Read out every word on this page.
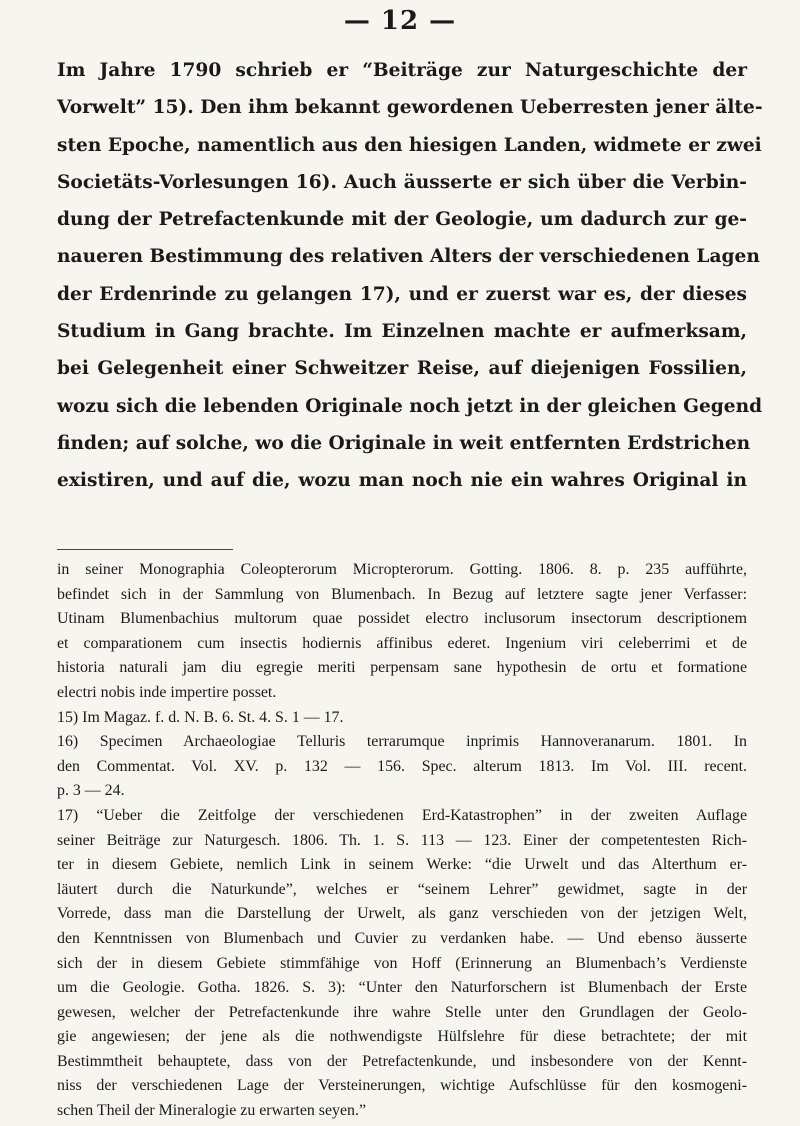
— 12 —
Im Jahre 1790 schrieb er “Beiträge zur Naturgeschichte der
Vorwelt” 15). Den ihm bekannt gewordenen Ueberresten jener älte-
sten Epoche, namentlich aus den hiesigen Landen, widmete er zwei
Societäts-Vorlesungen 16). Auch äusserte er sich über die Verbin-
dung der Petrefactenkunde mit der Geologie, um dadurch zur ge-
naueren Bestimmung des relativen Alters der verschiedenen Lagen
der Erdenrinde zu gelangen 17), und er zuerst war es, der dieses
Studium in Gang brachte. Im Einzelnen machte er aufmerksam,
bei Gelegenheit einer Schweitzer Reise, auf diejenigen Fossilien,
wozu sich die lebenden Originale noch jetzt in der gleichen Gegend
finden; auf solche, wo die Originale in weit entfernten Erdstrichen
existiren, und auf die, wozu man noch nie ein wahres Original in
in seiner Monographia Coleopterorum Micropterorum. Gotting. 1806. 8. p. 235 aufführte,
befindet sich in der Sammlung von Blumenbach. In Bezug auf letztere sagte jener Verfasser:
Utinam Blumenbachius multorum quae possidet electro inclusorum insectorum descriptionem
et comparationem cum insectis hodiernis affinibus ederet. Ingenium viri celeberrimi et de
historia naturali jam diu egregie meriti perpensam sane hypothesin de ortu et formatione
electri nobis inde impertire posset.
15) Im Magaz. f. d. N. B. 6. St. 4. S. 1 — 17.
16) Specimen Archaeologiae Telluris terrarumque inprimis Hannoveranarum. 1801. In
den Commentat. Vol. XV. p. 132 — 156. Spec. alterum 1813. Im Vol. III. recent.
p. 3 — 24.
17) “Ueber die Zeitfolge der verschiedenen Erd-Katastrophen” in der zweiten Auflage
seiner Beiträge zur Naturgesch. 1806. Th. 1. S. 113 — 123. Einer der competentesten Rich-
ter in diesem Gebiete, nemlich Link in seinem Werke: “die Urwelt und das Alterthum er-
läutert durch die Naturkunde”, welches er “seinem Lehrer” gewidmet, sagte in der
Vorrede, dass man die Darstellung der Urwelt, als ganz verschieden von der jetzigen Welt,
den Kenntnissen von Blumenbach und Cuvier zu verdanken habe. — Und ebenso äusserte
sich der in diesem Gebiete stimmfähige von Hoff (Erinnerung an Blumenbach’s Verdienste
um die Geologie. Gotha. 1826. S. 3): “Unter den Naturforschern ist Blumenbach der Erste
gewesen, welcher der Petrefactenkunde ihre wahre Stelle unter den Grundlagen der Geolo-
gie angewiesen; der jene als die nothwendigste Hülfslehre für diese betrachtete; der mit
Bestimmtheit behauptete, dass von der Petrefactenkunde, und insbesondere von der Kennt-
niss der verschiedenen Lage der Versteinerungen, wichtige Aufschlüsse für den kosmogeni-
schen Theil der Mineralogie zu erwarten seyen.”
